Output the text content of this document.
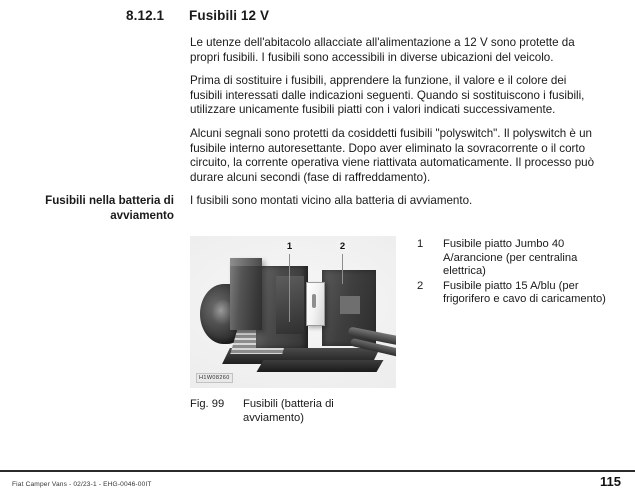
8.12.1	Fusibili 12 V

Le utenze dell'abitacolo allacciate all'alimentazione a 12 V sono protette da propri fusibili. I fusibili sono accessibili in diverse ubicazioni del veicolo.

Prima di sostituire i fusibili, apprendere la funzione, il valore e il colore dei fusibili interessati dalle indicazioni seguenti. Quando si sostituiscono i fusibili, utilizzare unicamente fusibili piatti con i valori indicati successivamente.

Alcuni segnali sono protetti da cosiddetti fusibili "polyswitch". Il polyswitch è un fusibile interno autoresettante. Dopo aver eliminato la sovracorrente o il corto circuito, la corrente operativa viene riattivata automaticamente. Il processo può durare alcuni secondi (fase di raffreddamento).

Fusibili nella batteria di avviamento
I fusibili sono montati vicino alla batteria di avviamento.
1	2
H1W08260
Fig. 99	Fusibili (batteria di avviamento)
1	Fusibile piatto Jumbo 40 A/arancione (per centralina elettrica)
2	Fusibile piatto 15 A/blu (per frigorifero e cavo di caricamento)
Fiat Camper Vans - 02/23-1 - EHG-0046-00IT	115
